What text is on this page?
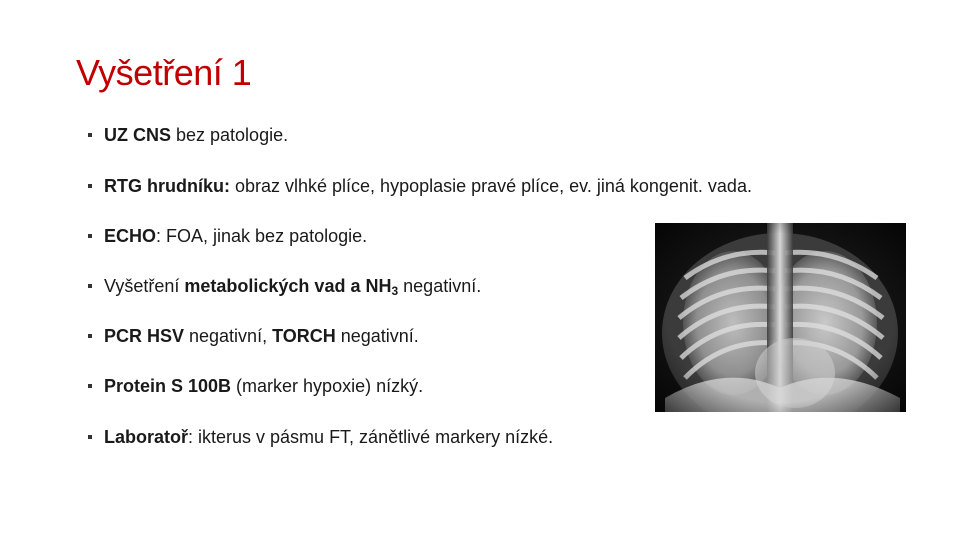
Vyšetření 1
UZ CNS bez patologie.
RTG hrudníku: obraz vlhké plíce, hypoplasie pravé plíce, ev. jiná kongenit. vada.
ECHO: FOA, jinak bez patologie.
Vyšetření metabolických vad a $NH_3$ negativní.
PCR HSV negativní, TORCH negativní.
Protein S 100B (marker hypoxie) nízký.
Laboratoř: ikterus v pásmu FT, zánětlivé markery nízké.
